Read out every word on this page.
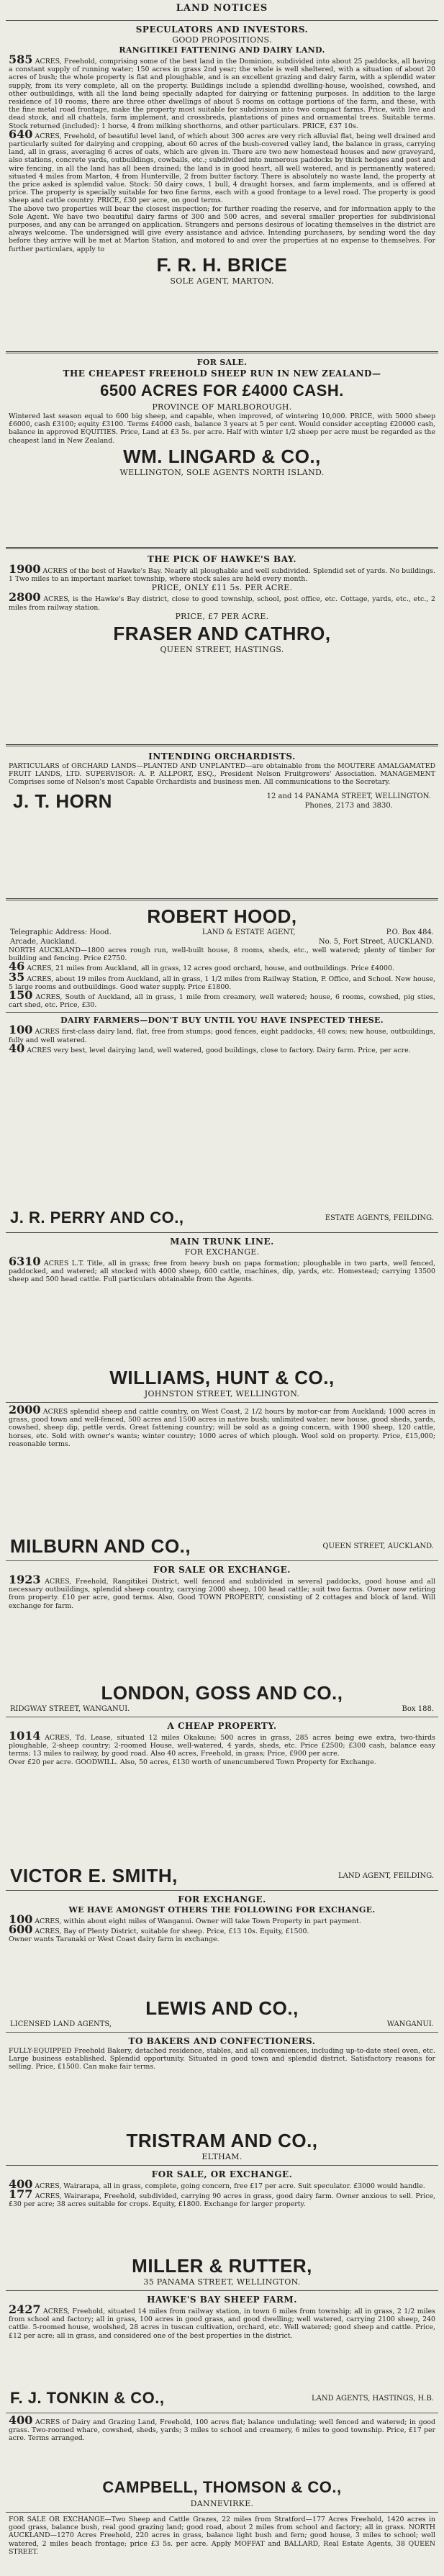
LAND NOTICES
SPECULATORS AND INVESTORS.
GOOD PROPOSITIONS.
RANGITIKEI FATTENING AND DAIRY LAND.

585 ACRES, Freehold, comprising some of the best land in the Dominion, subdivided into about 25 paddocks, all having a constant supply of running water; 150 acres in grass 2nd year; the whole is well sheltered, with a situation of about 20 acres of bush; the whole property is flat and ploughable, and is an excellent grazing and dairy farm, with a splendid water supply, from its very complete, all on the property. Buildings include a splendid dwelling-house, woolshed, cowshed, and other outbuildings, with all the land being specially adapted for dairying or fattening purposes. In addition to the large residence of 10 rooms, there are three other dwellings of about 5 rooms on cottage portions of the farm, and these, with the fine metal road frontage, make the property most suitable for subdivision into two compact farms. Price, with live and dead stock, and all chattels, farm implement, and crossbreds, plantations of pines and ornamental trees. Suitable terms. Stock returned (included): 1 horse, 4 from milking shorthorns, and other particulars. PRICE, £37 10s.

640 ACRES, Freehold, of beautiful level land, of which about 300 acres are very rich alluvial flat, being well drained and particularly suited for dairying and cropping, about 60 acres of the bush-covered valley land, the balance in grass, carrying land, all in grass, averaging 6 acres of oats, which are given in. There are two new homestead houses and new graveyard, also stations, concrete yards, outbuildings, cowbails, etc.; subdivided into numerous paddocks by thick hedges and post and wire fencing, in all the land has all been drained; the land is in good heart, all well watered, and is permanently watered; situated 4 miles from Marton, 4 from Hunterville, 2 from butter factory. There is absolutely no waste land, the property at the price asked is splendid value. Stock: 50 dairy cows, 1 bull, 4 draught horses, and farm implements, and is offered at price. The property is specially suitable for two fine farms, each with a good frontage to a level road. The property is good sheep and cattle country. PRICE, £30 per acre, on good terms.

The above two properties will bear the closest inspection; for further reading the reserve, and for information apply to the Sole Agent. We have two beautiful dairy farms of 300 and 500 acres, and several smaller properties for subdivisional purposes, and any can be arranged on application. Strangers and persons desirous of locating themselves in the district are always welcome. The undersigned will give every assistance and advice. Intending purchasers, by sending word the day before they arrive will be met at Marton Station, and motored to and over the properties at no expense to themselves. For further particulars, apply to

F. R. H. BRICE
SOLE AGENT, MARTON.
FOR SALE.
THE CHEAPEST FREEHOLD SHEEP RUN IN NEW ZEALAND—
6500 ACRES FOR £4000 CASH.
PROVINCE OF MARLBOROUGH.

Wintered last season equal to 600 big sheep, and capable, when improved, of wintering 10,000. PRICE, with 5000 sheep £6000, cash £3100; equity £3100. Terms £4000 cash, balance 3 years at 5 per cent. Would consider accepting £20000 cash, balance in approved EQUITIES. Price, Land at £3 5s. per acre. Half with winter 1/2 sheep per acre must be regarded as the cheapest land in New Zealand.

WM. LINGARD & CO.,
WELLINGTON, SOLE AGENTS NORTH ISLAND.
THE PICK OF HAWKE'S BAY.

1900 ACRES of the best of Hawke's Bay. Nearly all ploughable and well subdivided. Splendid set of yards. No buildings. 1 Two miles to an important market township, where stock sales are held every month.

PRICE, ONLY £11 5s. PER ACRE.

2800 ACRES, is the Hawke's Bay district, close to good township, school, post office, etc. Cottage, yards, etc., etc., 2 miles from railway station.

PRICE, £7 PER ACRE.
FRASER AND CATHRO,
QUEEN STREET, HASTINGS.
INTENDING ORCHARDISTS.

PARTICULARS of ORCHARD LANDS—PLANTED AND UNPLANTED—are obtainable from the MOUTERE AMALGAMATED FRUIT LANDS, LTD. SUPERVISOR: A. P. ALLPORT, ESQ., President Nelson Fruitgrowers' Association. MANAGEMENT Comprises some of Nelson's most Capable Orchardists and business men. All communications to the Secretary.

J. T. HORN	12 and 14 PANAMA STREET, WELLINGTON.
Phones, 2173 and 3830.
ROBERT HOOD,
Telegraphic Address: Hood.	LAND & ESTATE AGENT,	P.O. Box 484.
Arcade, Auckland.	No. 5, Fort Street, AUCKLAND.

NORTH AUCKLAND—1800 acres rough run, well-built house, 8 rooms, sheds, etc., well watered; plenty of timber for building and fencing. Price £2750.

46 ACRES, 21 miles from Auckland, all in grass, 12 acres good orchard, house, and outbuildings. Price £4000.

35 ACRES, about 19 miles from Auckland, all in grass, 1 1/2 miles from Railway Station, P. Office, and School. New house, 5 large rooms and outbuildings. Good water supply. Price £1800.

150 ACRES, South of Auckland, all in grass, 1 mile from creamery, well watered; house, 6 rooms, cowshed, pig sties, cart shed, etc. Price, £30.

DAIRY FARMERS—DON'T BUY UNTIL YOU HAVE INSPECTED THESE.

100 ACRES first-class dairy land, flat, free from stumps; good fences, eight paddocks, 48 cows; new house, outbuildings, fully and well watered.

40 ACRES very best, level dairying land, well watered, good buildings, close to factory. Dairy farm. Price, per acre.

J. R. PERRY AND CO.,	ESTATE AGENTS, FEILDING.
MAIN TRUNK LINE.
FOR EXCHANGE.

6310 ACRES L.T. Title, all in grass; free from heavy bush on papa formation; ploughable in two parts, well fenced, paddocked, and watered; all stocked with 4000 sheep, 600 cattle, machines, dip, yards, etc. Homestead; carrying 13500 sheep and 500 head cattle. Full particulars obtainable from the Agents.

WILLIAMS, HUNT & CO.,
JOHNSTON STREET, WELLINGTON.

2000 ACRES splendid sheep and cattle country, on West Coast, 2 1/2 hours by motor-car from Auckland; 1000 acres in grass, good town and well-fenced, 500 acres and 1500 acres in native bush; unlimited water; new house, good sheds, yards, cowshed, sheep dip, pettle verds. Great fattening country; will be sold as a going concern, with 1900 sheep, 120 cattle, horses, etc. Sold with owner's wants; winter country; 1000 acres of which plough. Wool sold on property. Price, £15,000; reasonable terms.

MILBURN AND CO.,	QUEEN STREET, AUCKLAND.
FOR SALE OR EXCHANGE.

1923 ACRES, Freehold, Rangitikei District, well fenced and subdivided in several paddocks, good house and all necessary outbuildings, splendid sheep country, carrying 2000 sheep, 100 head cattle; suit two farms. Owner now retiring from property. £10 per acre, good terms. Also, Good TOWN PROPERTY, consisting of 2 cottages and block of land. Will exchange for farm.

LONDON, GOSS AND CO.,
RIDGWAY STREET, WANGANUI.	Box 188.
A CHEAP PROPERTY.

1014 ACRES, Td. Lease, situated 12 miles Okakune; 500 acres in grass, 285 acres being ewe extra, two-thirds ploughable, 2-sheep country; 2-roomed House, well-watered, 4 yards, sheds, etc. Price £2500; £300 cash, balance easy terms; 13 miles to railway, by good road. Also 40 acres, Freehold, in grass; Price, £900 per acre.

Over £20 per acre. GOODWILL. Also, 50 acres, £130 worth of unencumbered Town Property for Exchange.

VICTOR E. SMITH,	LAND AGENT, FEILDING.
FOR EXCHANGE.
WE HAVE AMONGST OTHERS THE FOLLOWING FOR EXCHANGE.

100 ACRES, within about eight miles of Wanganui. Owner will take Town Property in part payment.

600 ACRES, Bay of Plenty District, suitable for sheep. Price, £13 10s. Equity, £1500.

Owner wants Taranaki or West Coast dairy farm in exchange.

LEWIS AND CO.,
LICENSED LAND AGENTS,	WANGANUI.
TO BAKERS AND CONFECTIONERS.

FULLY-EQUIPPED Freehold Bakery, detached residence, stables, and all conveniences, including up-to-date steel oven, etc. Large business established. Splendid opportunity. Situated in good town and splendid district. Satisfactory reasons for selling. Price, £1500. Can make fair terms.

TRISTRAM AND CO.,
ELTHAM.
FOR SALE, OR EXCHANGE.

400 ACRES, Wairarapa, all in grass, complete, going concern, free £17 per acre. Suit speculator. £3000 would handle.

177 ACRES, Wairarapa, Freehold, subdivided, carrying 90 acres in grass, good dairy farm. Owner anxious to sell. Price, £30 per acre; 38 acres suitable for crops. Equity, £1800. Exchange for larger property.

MILLER & RUTTER,
35 PANAMA STREET, WELLINGTON.
HAWKE'S BAY SHEEP FARM.

2427 ACRES, Freehold, situated 14 miles from railway station, in town 6 miles from township; all in grass, 2 1/2 miles from school and factory; all in grass, 100 acres in good grass, and good dwelling; well watered, carrying 2100 sheep, 240 cattle. 5-roomed house, woolshed, 28 acres in tuscan cultivation, orchard, etc. Well watered; good sheep and cattle. Price, £12 per acre; all in grass, and considered one of the best properties in the district.

F. J. TONKIN & CO.,	LAND AGENTS, HASTINGS, H.B.

400 ACRES of Dairy and Grazing Land, Freehold, 100 acres flat; balance undulating; well fenced and watered; in good grass. Two-roomed whare, cowshed, sheds, yards; 3 miles to school and creamery, 6 miles to good township. Price, £17 per acre. Terms arranged.

CAMPBELL, THOMSON & CO.,
DANNEVIRKE.

FOR SALE OR EXCHANGE—Two Sheep and Cattle Grazes, 22 miles from Stratford—177 Acres Freehold, 1420 acres in good grass, balance bush, real good grazing land; good road, about 2 miles from school and factory; all in grass. NORTH AUCKLAND—1270 Acres Freehold, 220 acres in grass, balance light bush and fern; good house, 3 miles to school; well watered, 2 miles beach frontage; price £3 5s. per acre. Apply MOFFAT and BALLARD, Real Estate Agents, 38 QUEEN STREET.
